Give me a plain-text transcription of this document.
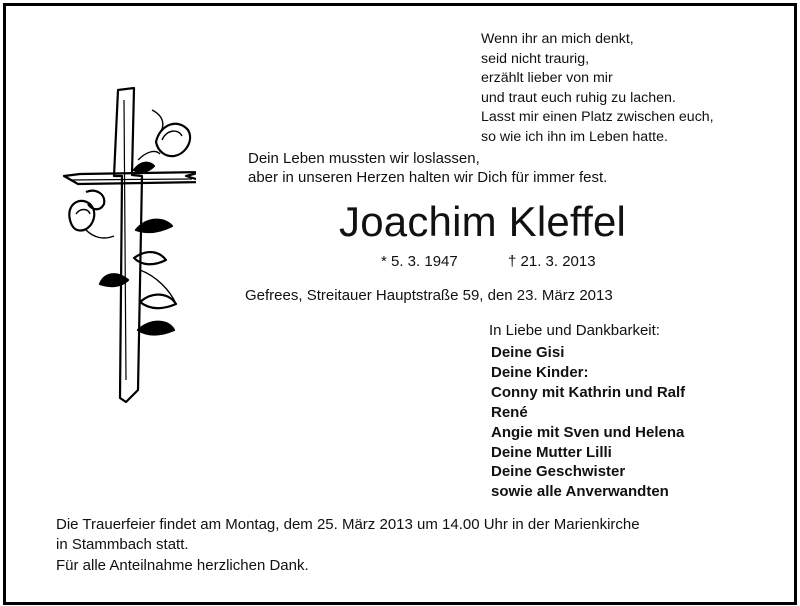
Wenn ihr an mich denkt,
seid nicht traurig,
erzählt lieber von mir
und traut euch ruhig zu lachen.
Lasst mir einen Platz zwischen euch,
so wie ich ihn im Leben hatte.
Dein Leben mussten wir loslassen,
aber in unseren Herzen halten wir Dich für immer fest.
Joachim Kleffel
* 5. 3. 1947	† 21. 3. 2013
Gefrees, Streitauer Hauptstraße 59, den 23. März 2013
In Liebe und Dankbarkeit:
Deine Gisi
Deine Kinder:
Conny mit Kathrin und Ralf
René
Angie mit Sven und Helena
Deine Mutter Lilli
Deine Geschwister
sowie alle Anverwandten
Die Trauerfeier findet am Montag, dem 25. März 2013 um 14.00 Uhr in der Marienkirche
in Stammbach statt.
Für alle Anteilnahme herzlichen Dank.
